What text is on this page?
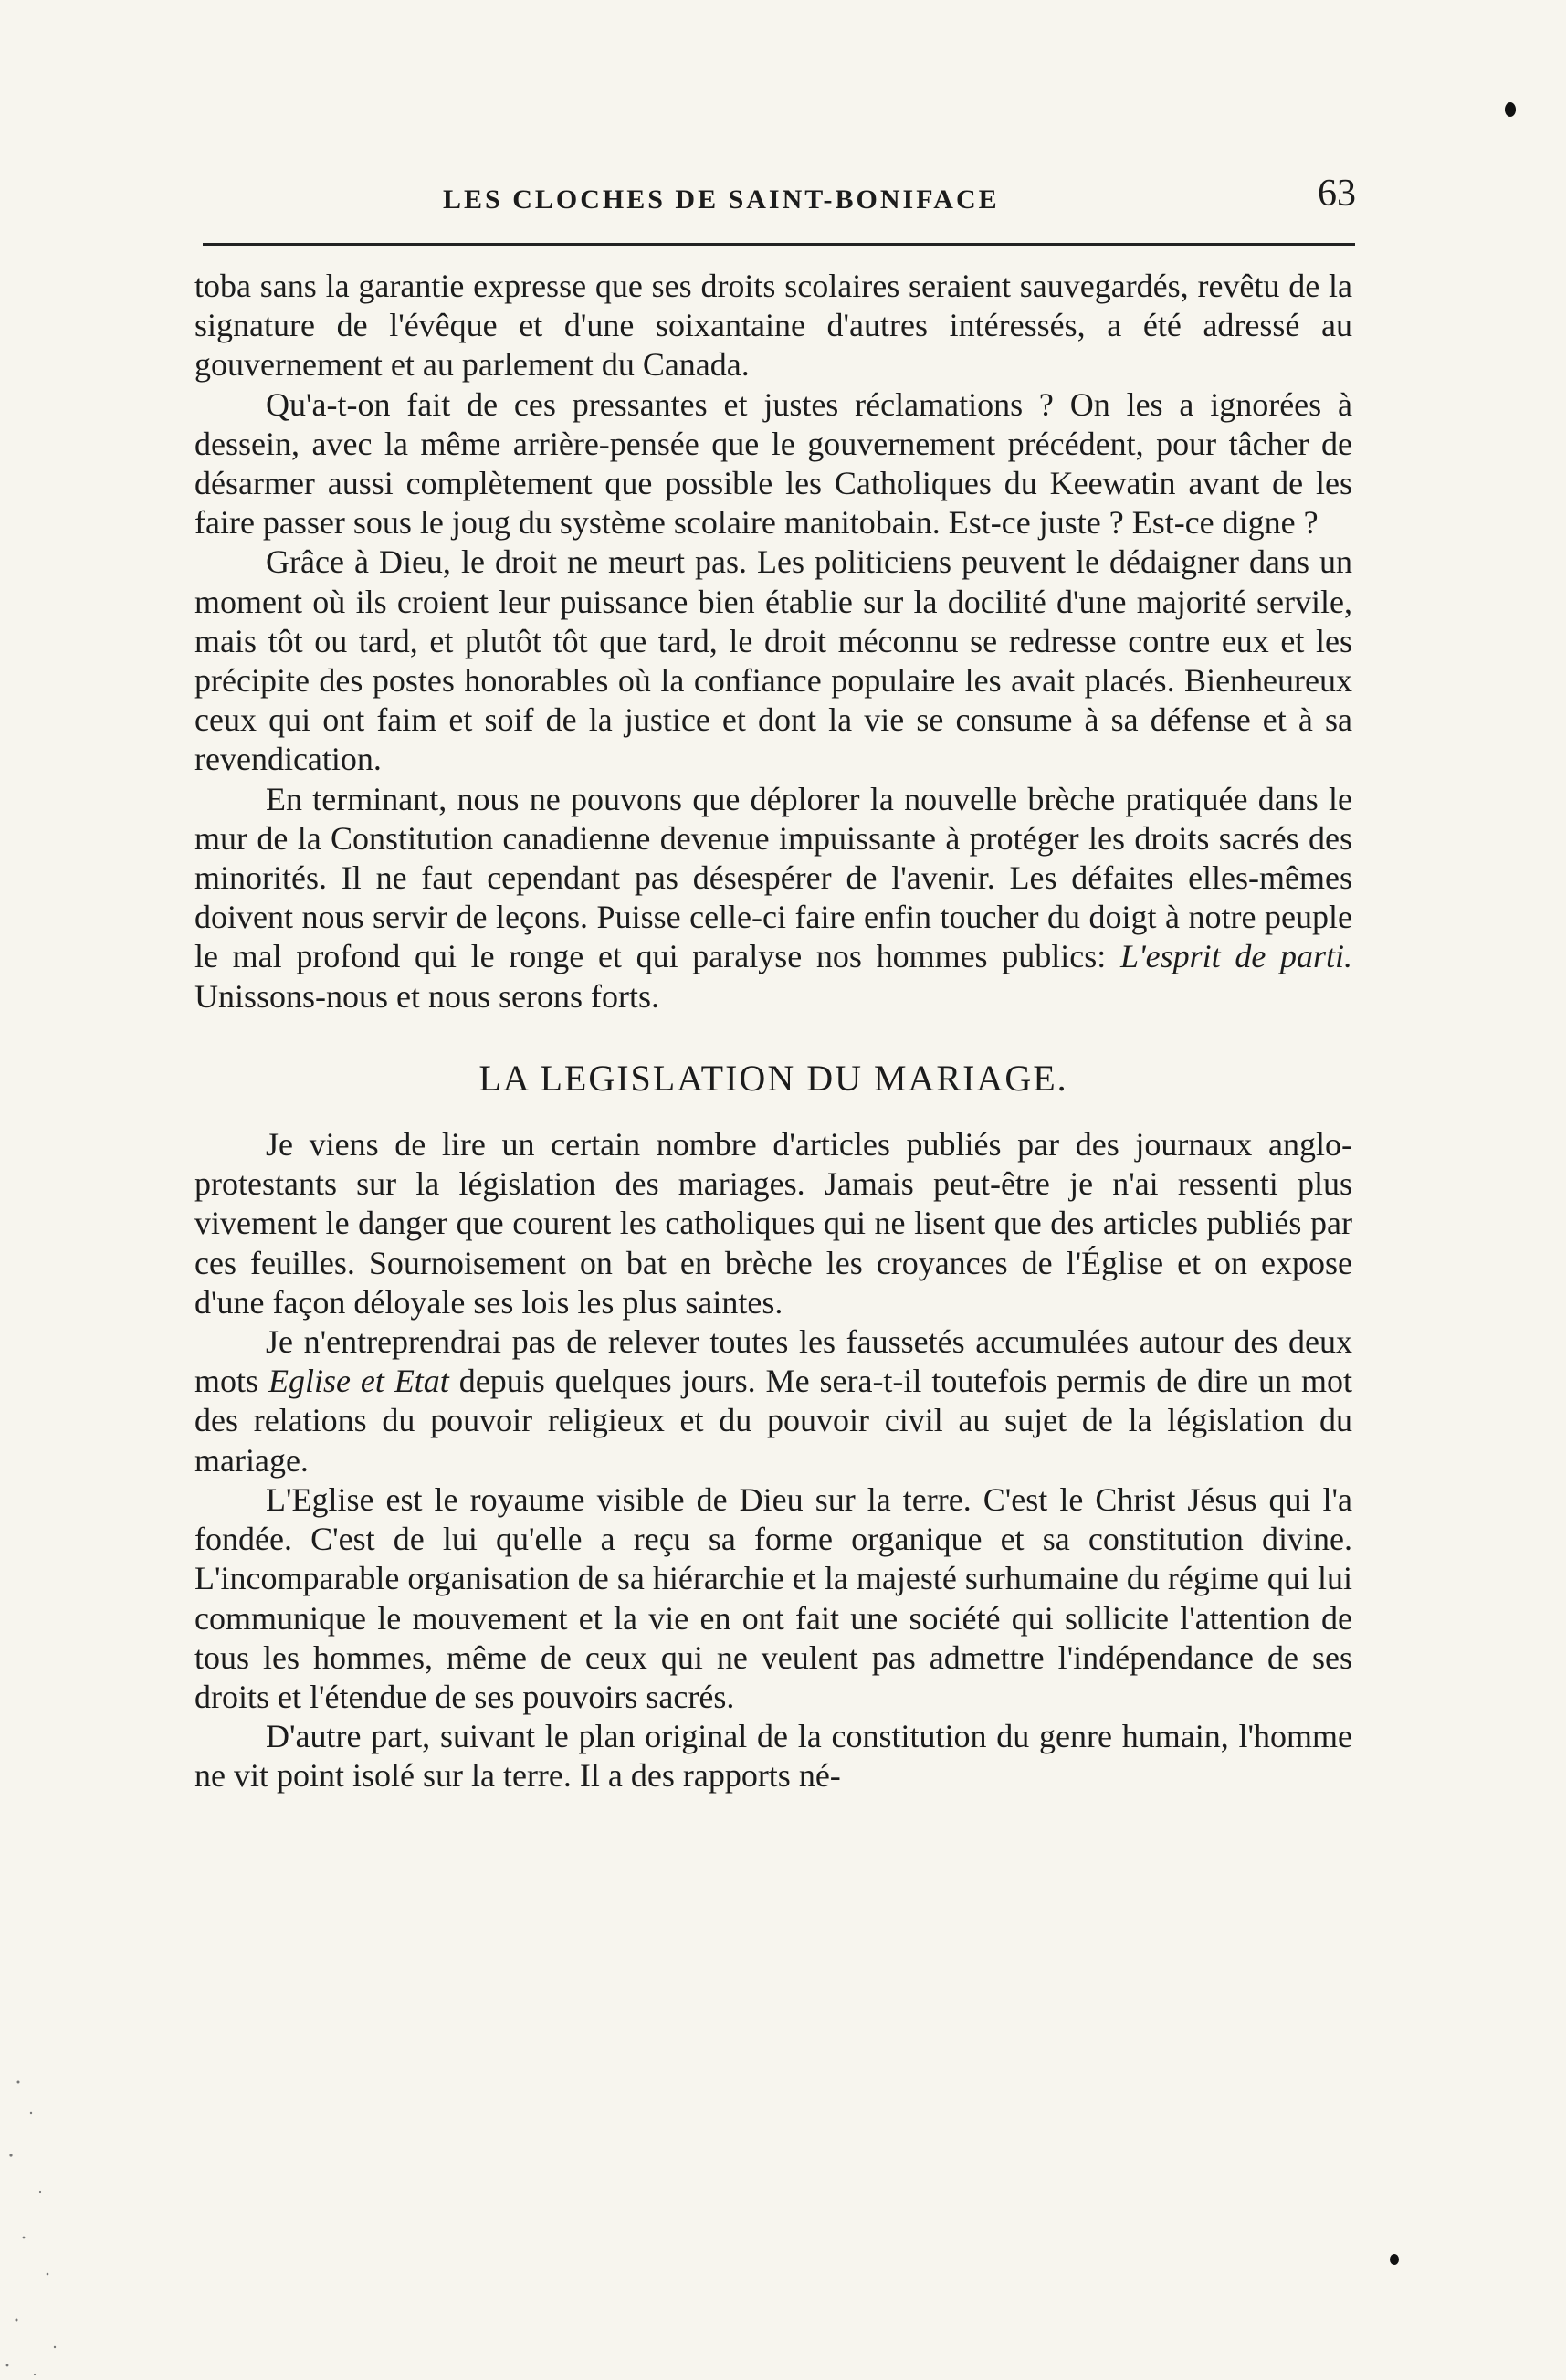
LES CLOCHES DE SAINT-BONIFACE	63

toba sans la garantie expresse que ses droits scolaires seraient sauvegardés, revêtu de la signature de l'évêque et d'une soixantaine d'autres intéressés, a été adressé au gouvernement et au parlement du Canada.

Qu'a-t-on fait de ces pressantes et justes réclamations ? On les a ignorées à dessein, avec la même arrière-pensée que le gouvernement précédent, pour tâcher de désarmer aussi complètement que possible les Catholiques du Keewatin avant de les faire passer sous le joug du système scolaire manitobain. Est-ce juste ? Est-ce digne ?

Grâce à Dieu, le droit ne meurt pas. Les politiciens peuvent le dédaigner dans un moment où ils croient leur puissance bien établie sur la docilité d'une majorité servile, mais tôt ou tard, et plutôt tôt que tard, le droit méconnu se redresse contre eux et les précipite des postes honorables où la confiance populaire les avait placés. Bienheureux ceux qui ont faim et soif de la justice et dont la vie se consume à sa défense et à sa revendication.

En terminant, nous ne pouvons que déplorer la nouvelle brèche pratiquée dans le mur de la Constitution canadienne devenue impuissante à protéger les droits sacrés des minorités. Il ne faut cependant pas désespérer de l'avenir. Les défaites elles-mêmes doivent nous servir de leçons. Puisse celle-ci faire enfin toucher du doigt à notre peuple le mal profond qui le ronge et qui paralyse nos hommes publics: L'esprit de parti. Unissons-nous et nous serons forts.

LA LEGISLATION DU MARIAGE.

Je viens de lire un certain nombre d'articles publiés par des journaux anglo-protestants sur la législation des mariages. Jamais peut-être je n'ai ressenti plus vivement le danger que courent les catholiques qui ne lisent que des articles publiés par ces feuilles. Sournoisement on bat en brèche les croyances de l'Église et on expose d'une façon déloyale ses lois les plus saintes.

Je n'entreprendrai pas de relever toutes les faussetés accumulées autour des deux mots Eglise et Etat depuis quelques jours. Me sera-t-il toutefois permis de dire un mot des relations du pouvoir religieux et du pouvoir civil au sujet de la législation du mariage.

L'Eglise est le royaume visible de Dieu sur la terre. C'est le Christ Jésus qui l'a fondée. C'est de lui qu'elle a reçu sa forme organique et sa constitution divine. L'incomparable organisation de sa hiérarchie et la majesté surhumaine du régime qui lui communique le mouvement et la vie en ont fait une société qui sollicite l'attention de tous les hommes, même de ceux qui ne veulent pas admettre l'indépendance de ses droits et l'étendue de ses pouvoirs sacrés.

D'autre part, suivant le plan original de la constitution du genre humain, l'homme ne vit point isolé sur la terre. Il a des rapports né-
